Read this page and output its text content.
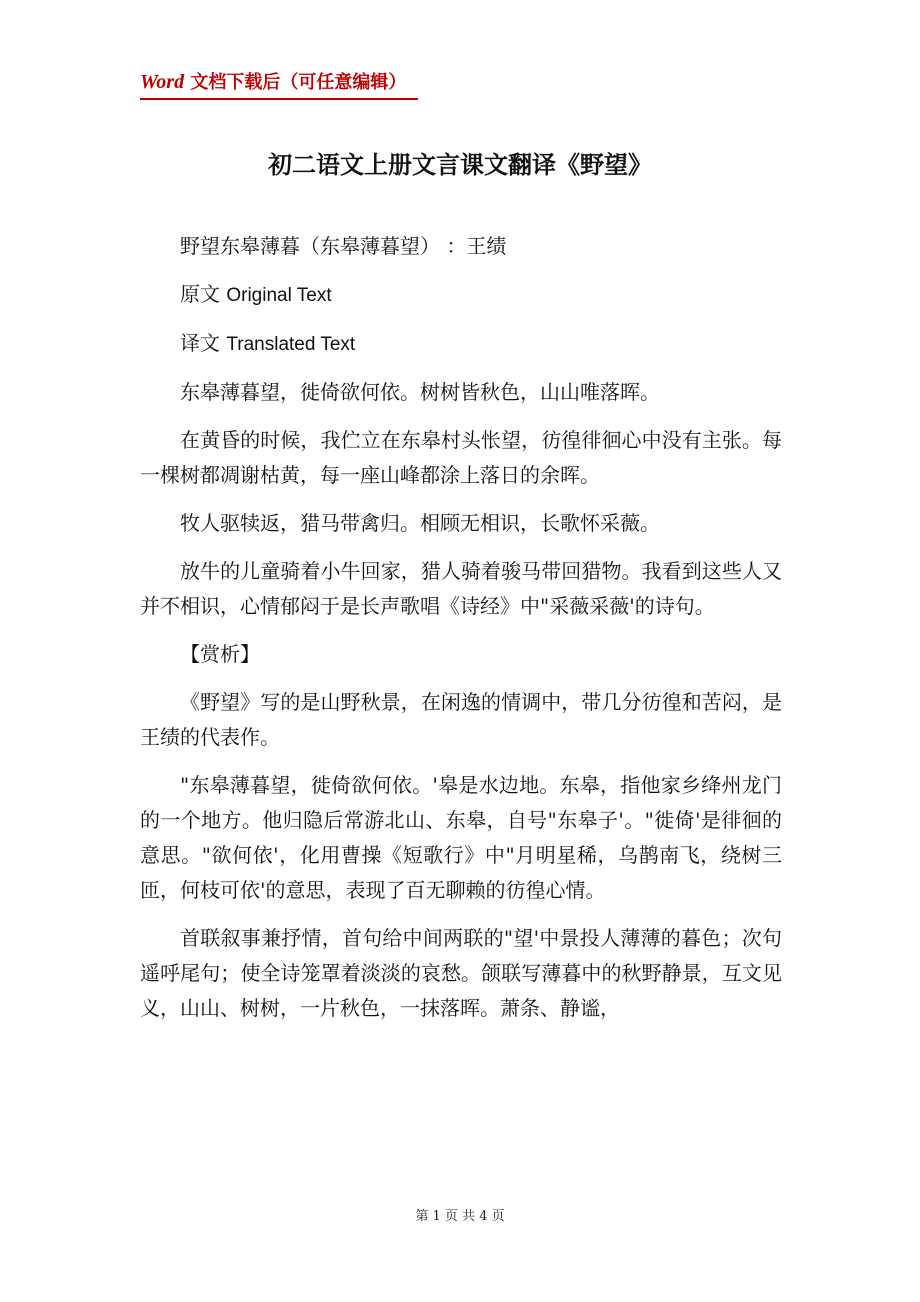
Word 文档下载后（可任意编辑）
初二语文上册文言课文翻译《野望》

野望东皋薄暮（东皋薄暮望） ：王绩

原文 Original Text

译文 Translated Text

东皋薄暮望，徙倚欲何依。树树皆秋色，山山唯落晖。

在黄昏的时候，我伫立在东皋村头怅望，彷徨徘徊心中没有主张。每一棵树都凋谢枯黄，每一座山峰都涂上落日的余晖。

牧人驱犊返，猎马带禽归。相顾无相识，长歌怀采薇。

放牛的儿童骑着小牛回家，猎人骑着骏马带回猎物。我看到这些人又并不相识，心情郁闷于是长声歌唱《诗经》中"采薇采薇'的诗句。

【赏析】

《野望》写的是山野秋景，在闲逸的情调中，带几分彷徨和苦闷，是王绩的代表作。

"东皋薄暮望，徙倚欲何依。'皋是水边地。东皋，指他家乡绛州龙门的一个地方。他归隐后常游北山、东皋，自号"东皋子'。"徙倚'是徘徊的意思。"欲何依'，化用曹操《短歌行》中"月明星稀，乌鹊南飞，绕树三匝，何枝可依'的意思，表现了百无聊赖的彷徨心情。

首联叙事兼抒情，首句给中间两联的"望'中景投人薄薄的暮色；次句遥呼尾句；使全诗笼罩着淡淡的哀愁。颌联写薄暮中的秋野静景，互文见义，山山、树树，一片秋色，一抹落晖。萧条、静谧，

第 1 页 共 4 页
